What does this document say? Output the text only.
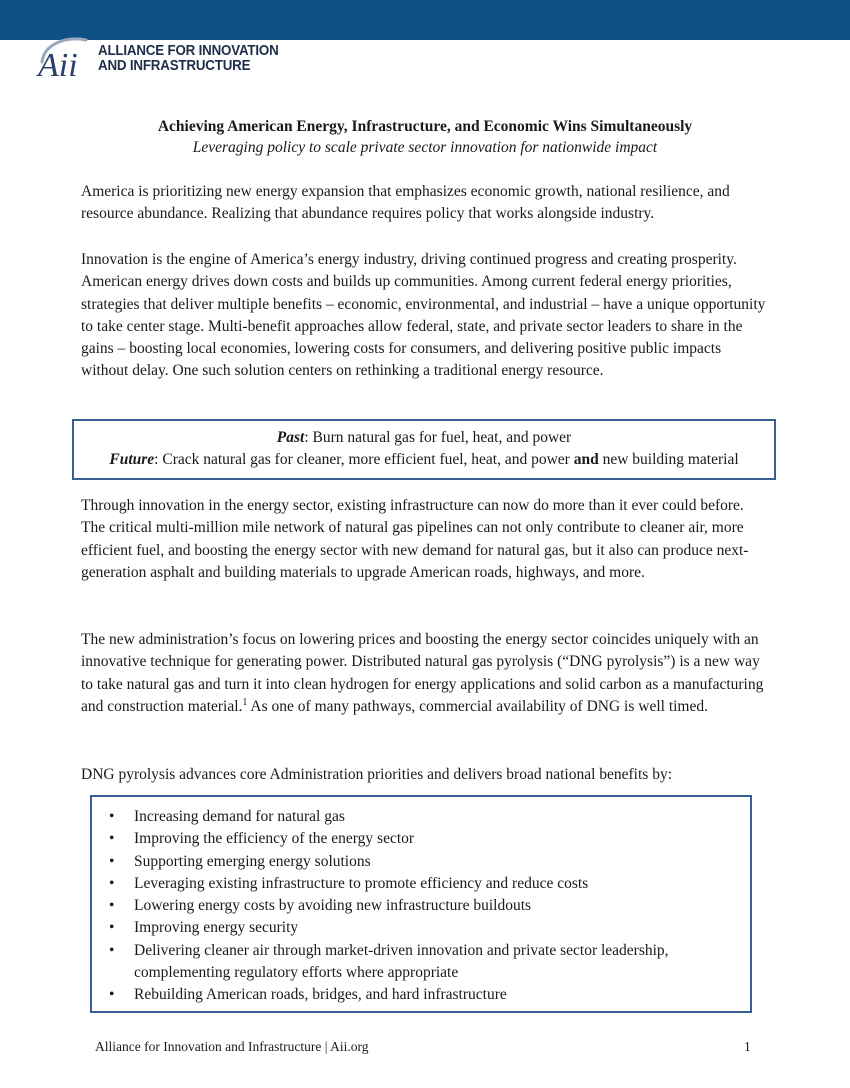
Aii ALLIANCE FOR INNOVATION
AND INFRASTRUCTURE
Achieving American Energy, Infrastructure, and Economic Wins Simultaneously
Leveraging policy to scale private sector innovation for nationwide impact

America is prioritizing new energy expansion that emphasizes economic growth, national resilience, and resource abundance. Realizing that abundance requires policy that works alongside industry.

Innovation is the engine of America’s energy industry, driving continued progress and creating prosperity. American energy drives down costs and builds up communities. Among current federal energy priorities, strategies that deliver multiple benefits – economic, environmental, and industrial – have a unique opportunity to take center stage. Multi-benefit approaches allow federal, state, and private sector leaders to share in the gains – boosting local economies, lowering costs for consumers, and delivering positive public impacts without delay. One such solution centers on rethinking a traditional energy resource.

Past: Burn natural gas for fuel, heat, and power
Future: Crack natural gas for cleaner, more efficient fuel, heat, and power and new building material

Through innovation in the energy sector, existing infrastructure can now do more than it ever could before. The critical multi-million mile network of natural gas pipelines can not only contribute to cleaner air, more efficient fuel, and boosting the energy sector with new demand for natural gas, but it also can produce next-generation asphalt and building materials to upgrade American roads, highways, and more.

The new administration’s focus on lowering prices and boosting the energy sector coincides uniquely with an innovative technique for generating power. Distributed natural gas pyrolysis (“DNG pyrolysis”) is a new way to take natural gas and turn it into clean hydrogen for energy applications and solid carbon as a manufacturing and construction material.$^1$ As one of many pathways, commercial availability of DNG is well timed.

DNG pyrolysis advances core Administration priorities and delivers broad national benefits by:

• Increasing demand for natural gas
• Improving the efficiency of the energy sector
• Supporting emerging energy solutions
• Leveraging existing infrastructure to promote efficiency and reduce costs
• Lowering energy costs by avoiding new infrastructure buildouts
• Improving energy security
• Delivering cleaner air through market-driven innovation and private sector leadership, complementing regulatory efforts where appropriate
• Rebuilding American roads, bridges, and hard infrastructure
Alliance for Innovation and Infrastructure | Aii.org	1
